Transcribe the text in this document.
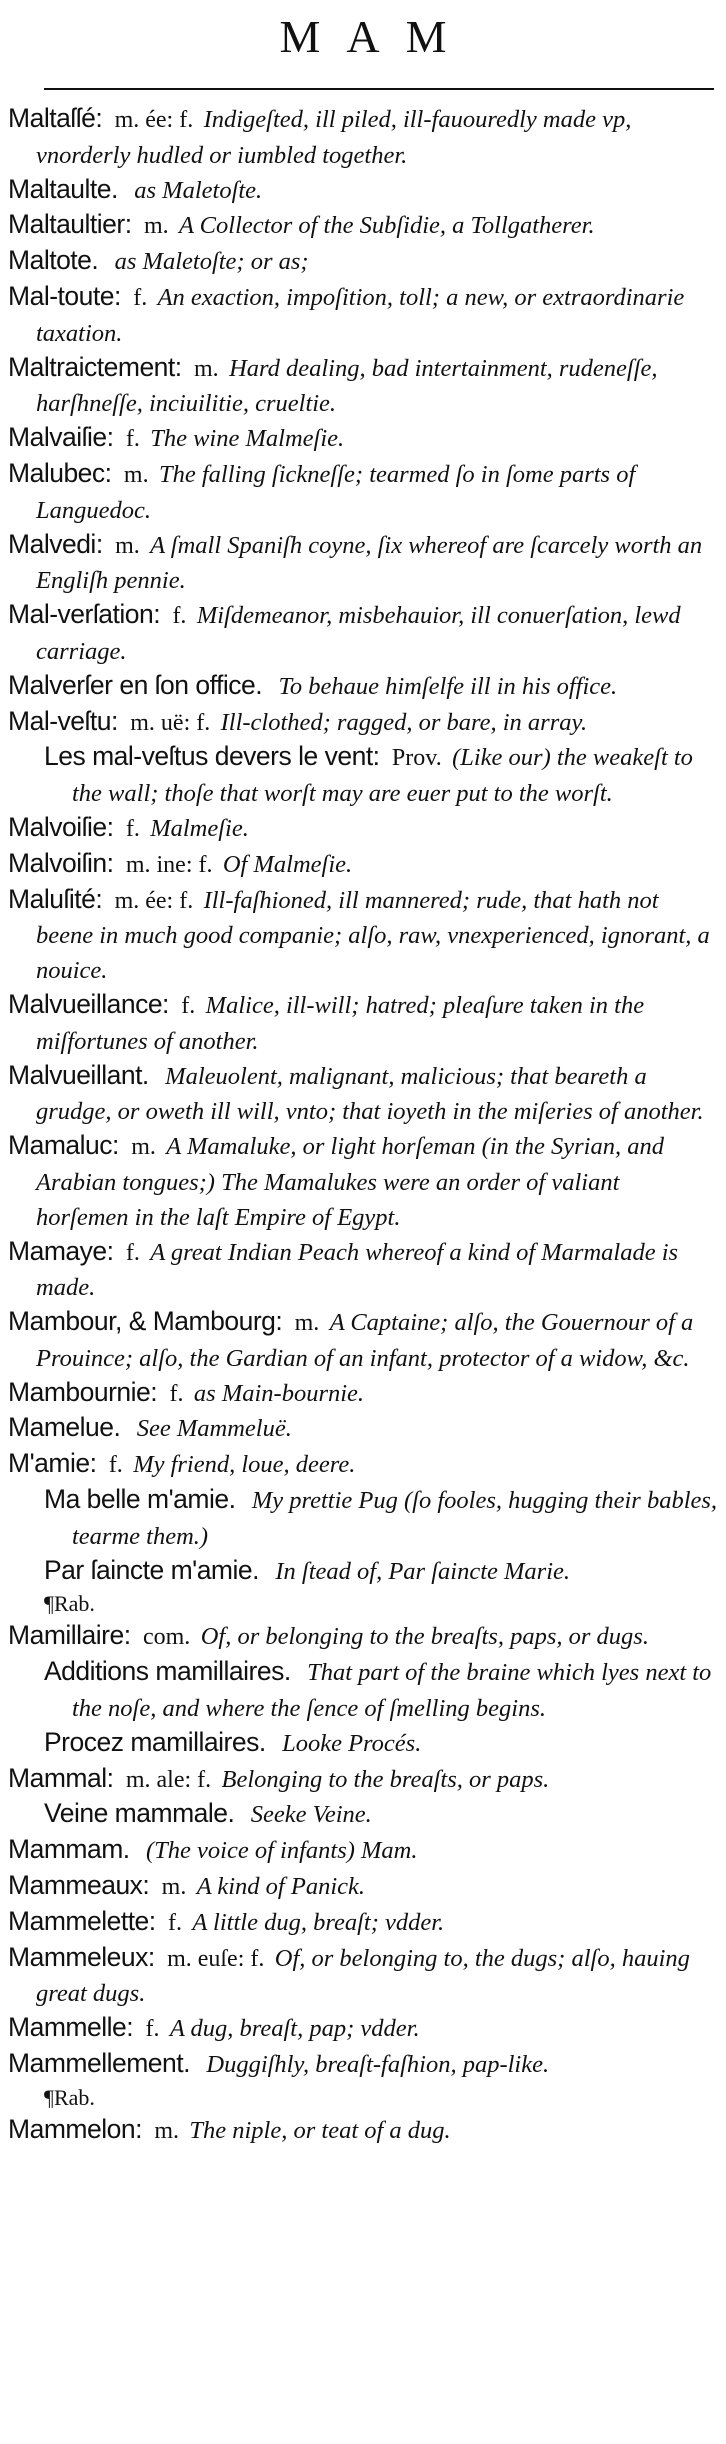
MAM

Maltaſſé: m. ée: f. Indigeſted, ill piled, ill-fauouredly made vp, vnorderly hudled or iumbled together.

Maltaulte. as Maletoſte.

Maltaultier: m. A Collector of the Subſidie, a Tollgatherer.

Maltote. as Maletoſte; or as;

Mal-toute: f. An exaction, impoſition, toll; a new, or extraordinarie taxation.

Maltraictement: m. Hard dealing, bad intertainment, rudeneſſe, harſhneſſe, inciuilitie, crueltie.

Malvaiſie: f. The wine Malmeſie.

Malubec: m. The falling ſickneſſe; tearmed ſo in ſome parts of Languedoc.

Malvedi: m. A ſmall Spaniſh coyne, ſix whereof are ſcarcely worth an Engliſh pennie.

Mal-verſation: f. Miſdemeanor, misbehauior, ill conuerſation, lewd carriage.

Malverſer en ſon office. To behaue himſelfe ill in his office.

Mal-veſtu: m. uë: f. Ill-clothed; ragged, or bare, in array.

Les mal-veſtus devers le vent: Prov. (Like our) the weakeſt to the wall; thoſe that worſt may are euer put to the worſt.

Malvoiſie: f. Malmeſie.

Malvoiſin: m. ine: f. Of Malmeſie.

Maluſité: m. ée: f. Ill-faſhioned, ill mannered; rude, that hath not beene in much good companie; alſo, raw, vnexperienced, ignorant, a nouice.

Malvueillance: f. Malice, ill-will; hatred; pleaſure taken in the miſfortunes of another.

Malvueillant. Maleuolent, malignant, malicious; that beareth a grudge, or oweth ill will, vnto; that ioyeth in the miſeries of another.

Mamaluc: m. A Mamaluke, or light horſeman (in the Syrian, and Arabian tongues;) The Mamalukes were an order of valiant horſemen in the laſt Empire of Egypt.

Mamaye: f. A great Indian Peach whereof a kind of Marmalade is made.

Mambour, & Mambourg: m. A Captaine; alſo, the Gouernour of a Prouince; alſo, the Gardian of an infant, protector of a widow, &c.

Mambournie: f. as Main-bournie.

Mamelue. See Mammeluë.

M'amie: f. My friend, loue, deere.

Ma belle m'amie. My prettie Pug (ſo fooles, hugging their bables, tearme them.)

Par ſaincte m'amie. In ſtead of, Par ſaincte Marie.

¶Rab.

Mamillaire: com. Of, or belonging to the breaſts, paps, or dugs.

Additions mamillaires. That part of the braine which lyes next to the noſe, and where the ſence of ſmelling begins.

Procez mamillaires. Looke Procés.

Mammal: m. ale: f. Belonging to the breaſts, or paps.

Veine mammale. Seeke Veine.

Mammam. (The voice of infants) Mam.

Mammeaux: m. A kind of Panick.

Mammelette: f. A little dug, breaſt; vdder.

Mammeleux: m. euſe: f. Of, or belonging to, the dugs; alſo, hauing great dugs.

Mammelle: f. A dug, breaſt, pap; vdder.

Mammellement. Duggiſhly, breaſt-faſhion, pap-like.

¶Rab.

Mammelon: m. The niple, or teat of a dug.
